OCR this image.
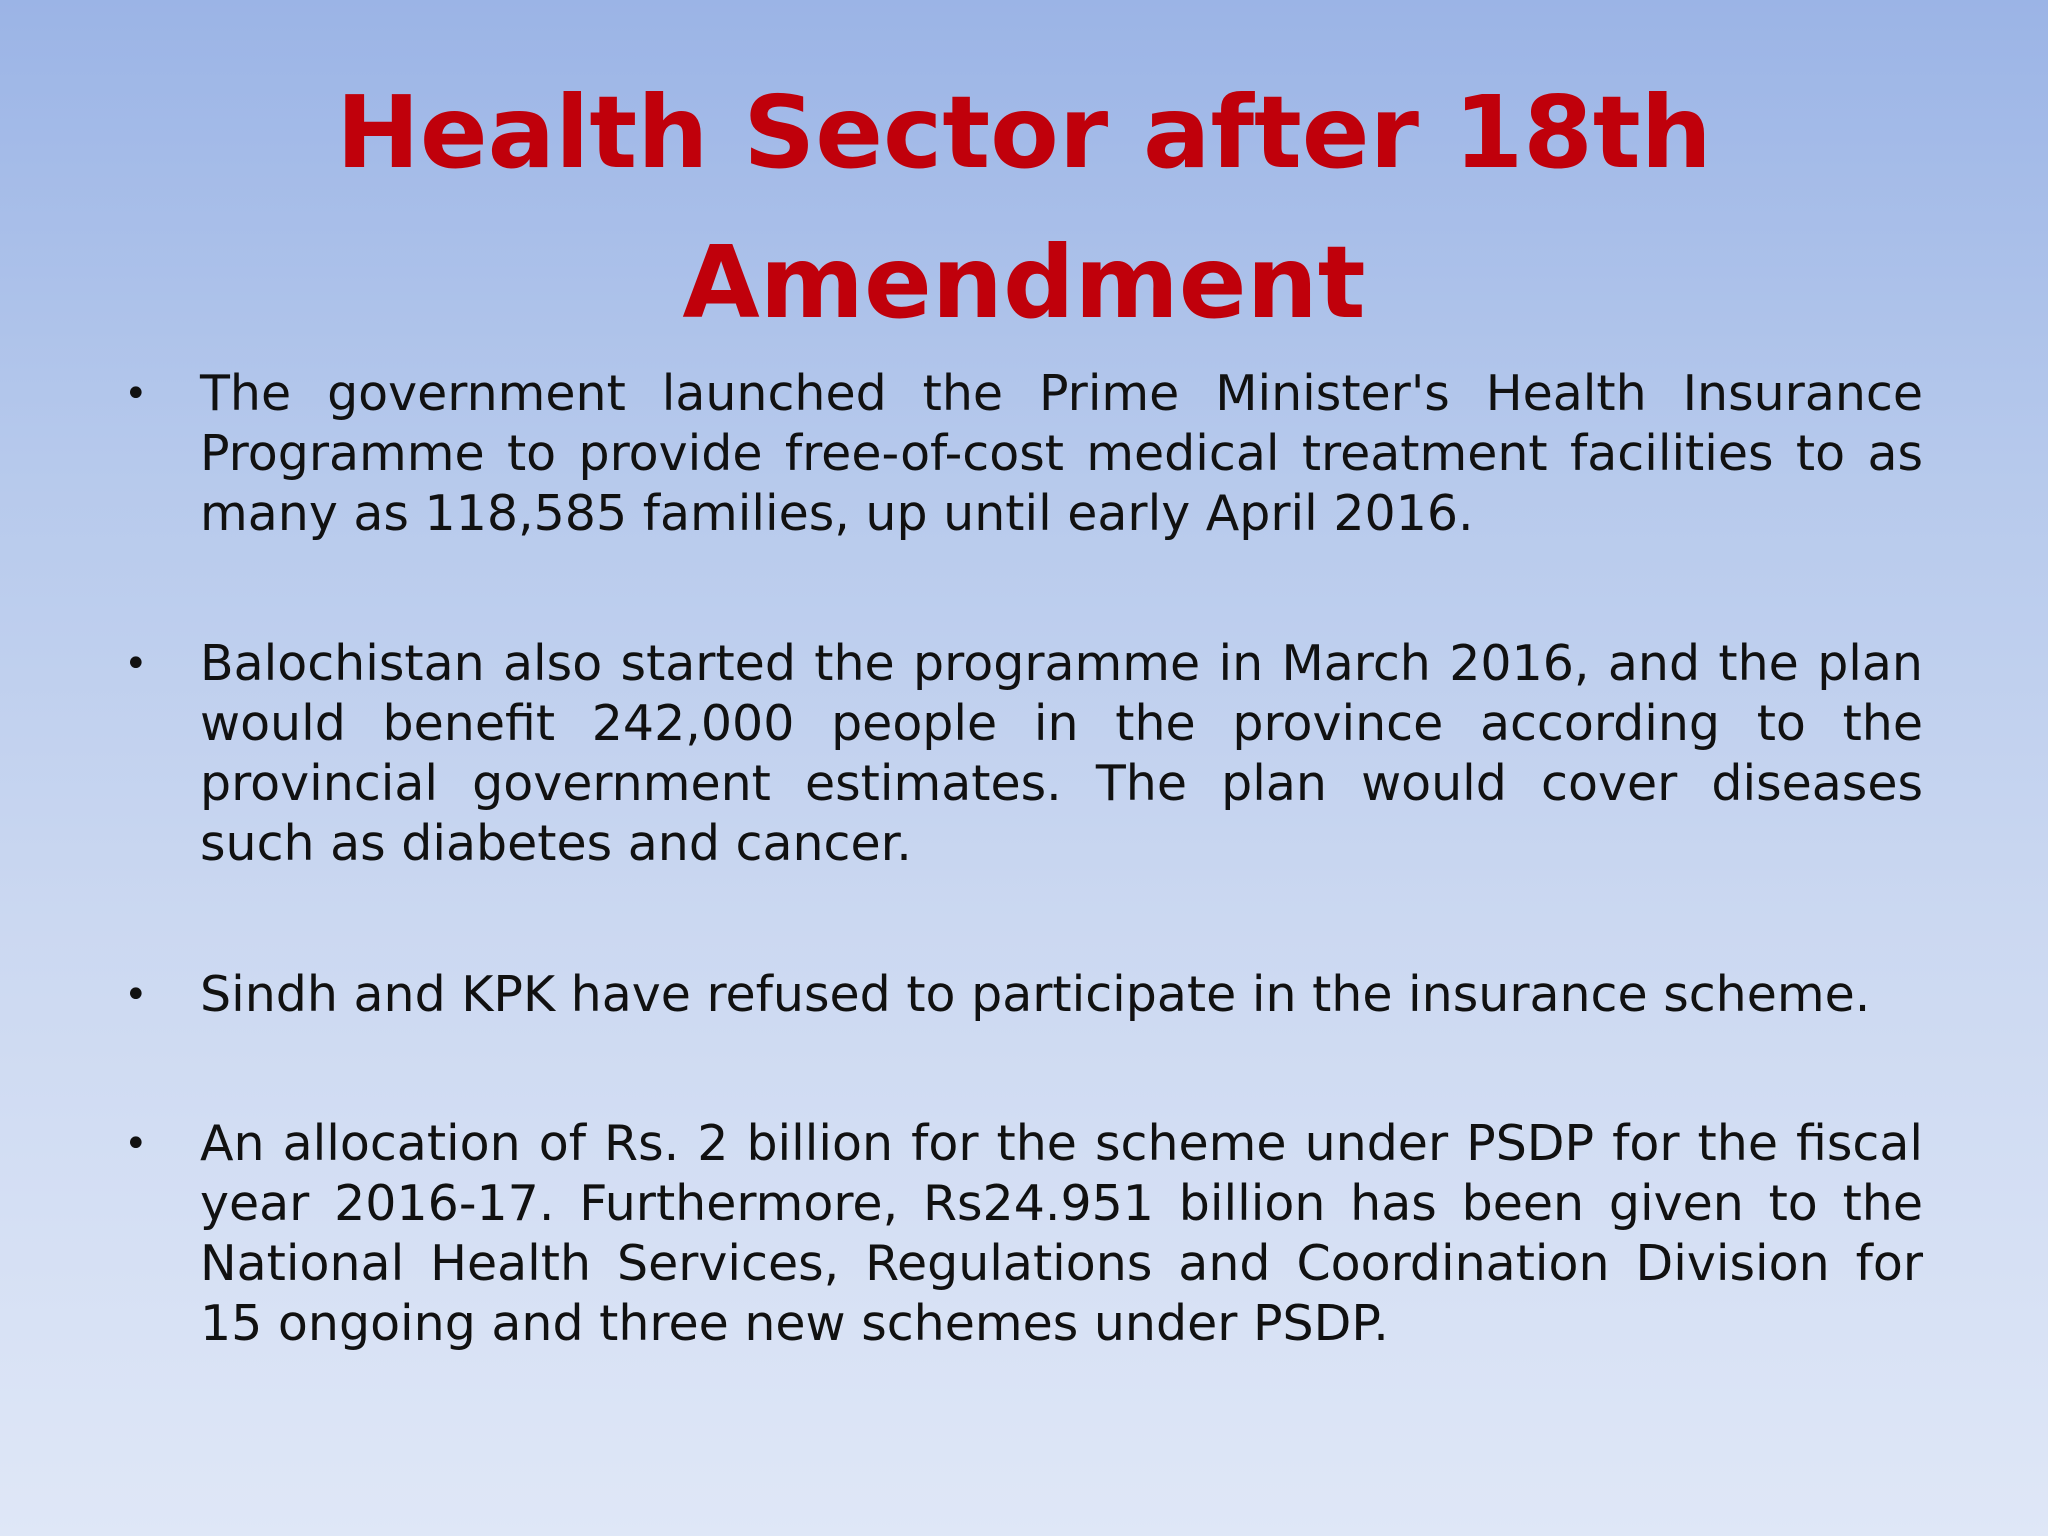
Health Sector after 18th Amendment
• The government launched the Prime Minister's Health Insurance Programme to provide free-of-cost medical treatment facilities to as many as 118,585 families, up until early April 2016.
• Balochistan also started the programme in March 2016, and the plan would benefit 242,000 people in the province according to the provincial government estimates. The plan would cover diseases such as diabetes and cancer.
• Sindh and KPK have refused to participate in the insurance scheme.
• An allocation of Rs. 2 billion for the scheme under PSDP for the fiscal year 2016-17. Furthermore, Rs24.951 billion has been given to the National Health Services, Regulations and Coordination Division for 15 ongoing and three new schemes under PSDP.
